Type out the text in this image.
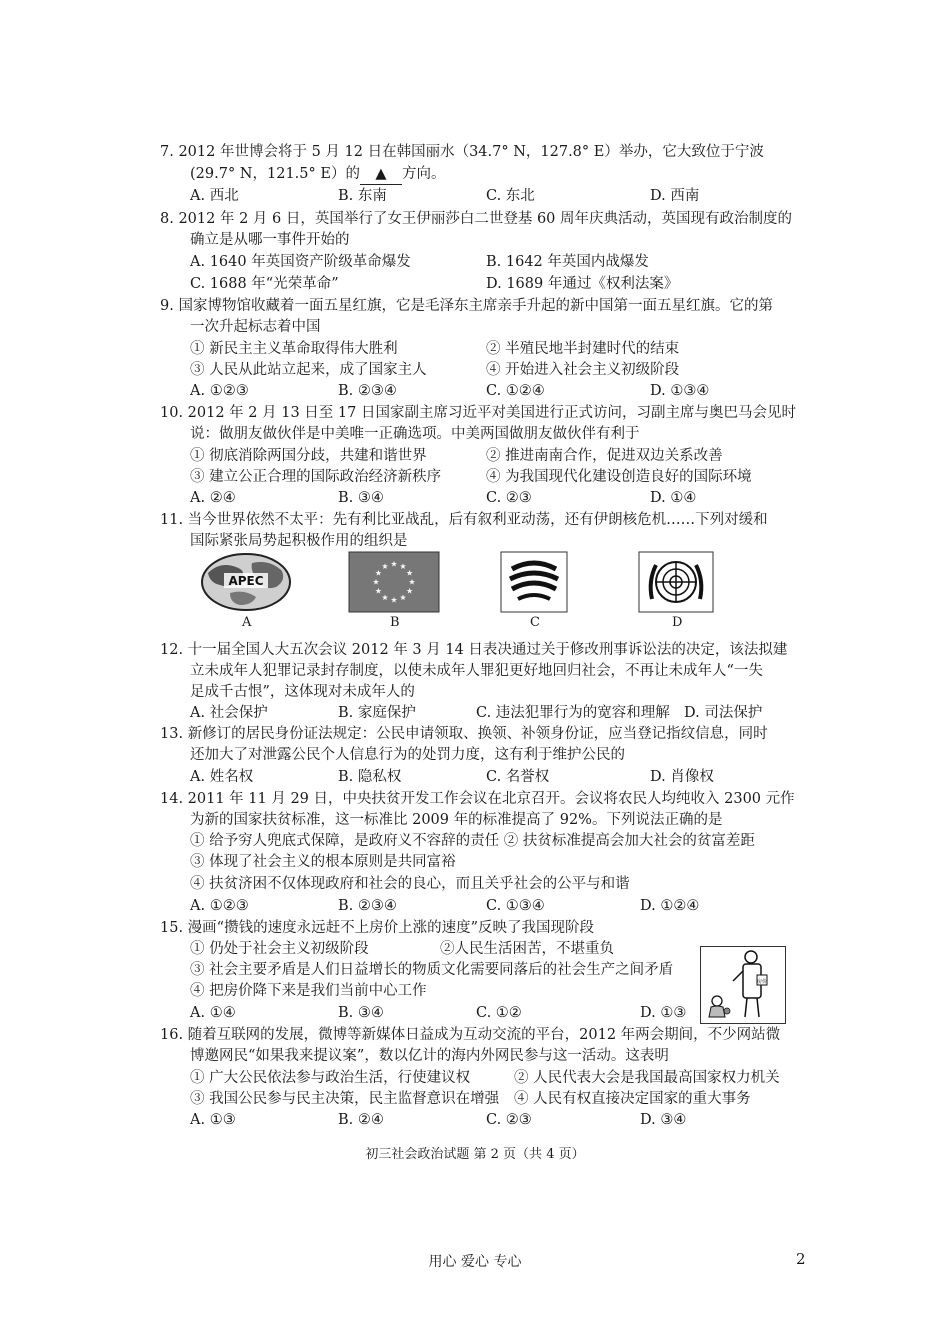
7. 2012 年世博会将于 5 月 12 日在韩国丽水（34.7° N，127.8° E）举办，它大致位于宁波
(29.7° N，121.5° E）的 ▲ 方向。
A. 西北	B. 东南	C. 东北	D. 西南
8. 2012 年 2 月 6 日，英国举行了女王伊丽莎白二世登基 60 周年庆典活动，英国现有政治制度的
确立是从哪一事件开始的
A. 1640 年英国资产阶级革命爆发	B. 1642 年英国内战爆发
C. 1688 年“光荣革命”	D. 1689 年通过《权利法案》
9. 国家博物馆收藏着一面五星红旗，它是毛泽东主席亲手升起的新中国第一面五星红旗。它的第
一次升起标志着中国
① 新民主主义革命取得伟大胜利	② 半殖民地半封建时代的结束
③ 人民从此站立起来，成了国家主人	④ 开始进入社会主义初级阶段
A. ①②③	B. ②③④	C. ①②④	D. ①③④
10. 2012 年 2 月 13 日至 17 日国家副主席习近平对美国进行正式访问，习副主席与奥巴马会见时
说：做朋友做伙伴是中美唯一正确选项。中美两国做朋友做伙伴有利于
① 彻底消除两国分歧，共建和谐世界	② 推进南南合作，促进双边关系改善
③ 建立公正合理的国际政治经济新秩序	④ 为我国现代化建设创造良好的国际环境
A. ②④	B. ③④	C. ②③	D. ①④
11. 当今世界依然不太平：先有利比亚战乱，后有叙利亚动荡，还有伊朗核危机……下列对缓和
国际紧张局势起积极作用的组织是
APEC
A	B	C	D
12. 十一届全国人大五次会议 2012 年 3 月 14 日表决通过关于修改刑事诉讼法的决定，该法拟建
立未成年人犯罪记录封存制度，以使未成年人罪犯更好地回归社会，不再让未成年人“一失
足成千古恨”，这体现对未成年人的
A. 社会保护	B. 家庭保护	C. 违法犯罪行为的宽容和理解 D. 司法保护
13. 新修订的居民身份证法规定：公民申请领取、换领、补领身份证，应当登记指纹信息，同时
还加大了对泄露公民个人信息行为的处罚力度，这有利于维护公民的
A. 姓名权	B. 隐私权	C. 名誉权	D. 肖像权
14. 2011 年 11 月 29 日，中央扶贫开发工作会议在北京召开。会议将农民人均纯收入 2300 元作
为新的国家扶贫标准，这一标准比 2009 年的标准提高了 92%。下列说法正确的是
① 给予穷人兜底式保障，是政府义不容辞的责任 ② 扶贫标准提高会加大社会的贫富差距
③ 体现了社会主义的根本原则是共同富裕
④ 扶贫济困不仅体现政府和社会的良心，而且关乎社会的公平与和谐
A. ①②③	B. ②③④	C. ①③④	D. ①②④
15. 漫画“攒钱的速度永远赶不上房价上涨的速度”反映了我国现阶段
① 仍处于社会主义初级阶段	②人民生活困苦，不堪重负
③ 社会主要矛盾是人们日益增长的物质文化需要同落后的社会生产之间矛盾
④ 把房价降下来是我们当前中心工作
A. ①④	B. ③④	C. ①②	D. ①③
房价
16. 随着互联网的发展，微博等新媒体日益成为互动交流的平台，2012 年两会期间，不少网站微
博邀网民“如果我来提议案”，数以亿计的海内外网民参与这一活动。这表明
① 广大公民依法参与政治生活，行使建议权	② 人民代表大会是我国最高国家权力机关
③ 我国公民参与民主决策，民主监督意识在增强 ④ 人民有权直接决定国家的重大事务
A. ①③	B. ②④	C. ②③	D. ③④
初三社会政治试题 第 2 页（共 4 页）
用心 爱心 专心	2
